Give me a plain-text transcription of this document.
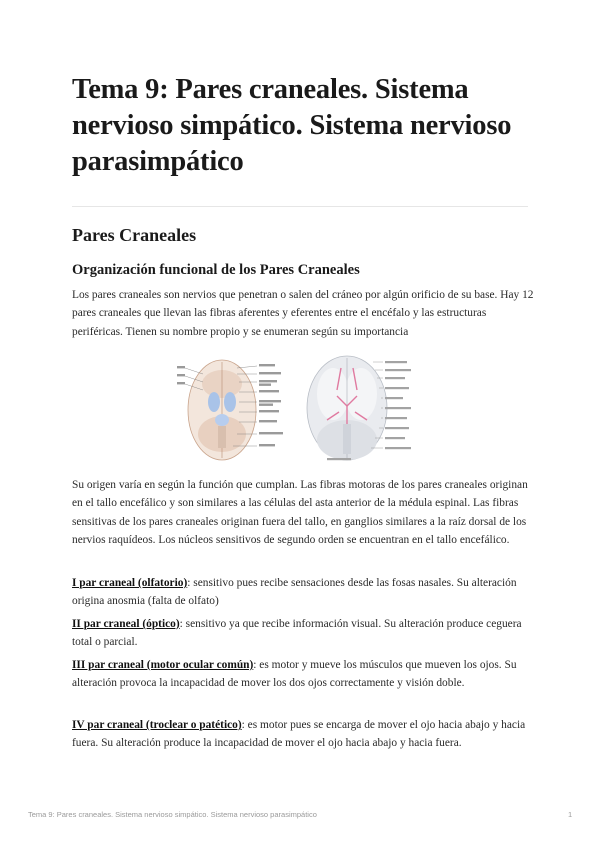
Tema 9: Pares craneales. Sistema nervioso simpático. Sistema nervioso parasimpático
Pares Craneales
Organización funcional de los Pares Craneales

Los pares craneales son nervios que penetran o salen del cráneo por algún orificio de su base. Hay 12 pares craneales que llevan las fibras aferentes y eferentes entre el encéfalo y las estructuras periféricas. Tienen su nombre propio y se enumeran según su importancia

Su origen varía en según la función que cumplan. Las fibras motoras de los pares craneales originan en el tallo encefálico y son similares a las células del asta anterior de la médula espinal. Las fibras sensitivas de los pares craneales originan fuera del tallo, en ganglios similares a la raíz dorsal de los nervios raquídeos. Los núcleos sensitivos de segundo orden se encuentran en el tallo encefálico.

I par craneal (olfatorio): sensitivo pues recibe sensaciones desde las fosas nasales. Su alteración origina anosmia (falta de olfato)

II par craneal (óptico): sensitivo ya que recibe información visual. Su alteración produce ceguera total o parcial.

III par craneal (motor ocular común): es motor y mueve los músculos que mueven los ojos. Su alteración provoca la incapacidad de mover los dos ojos correctamente y visión doble.

IV par craneal (troclear o patético): es motor pues se encarga de mover el ojo hacia abajo y hacia fuera. Su alteración produce la incapacidad de mover el ojo hacia abajo y hacia fuera.

Tema 9: Pares craneales. Sistema nervioso simpático. Sistema nervioso parasimpático	1
